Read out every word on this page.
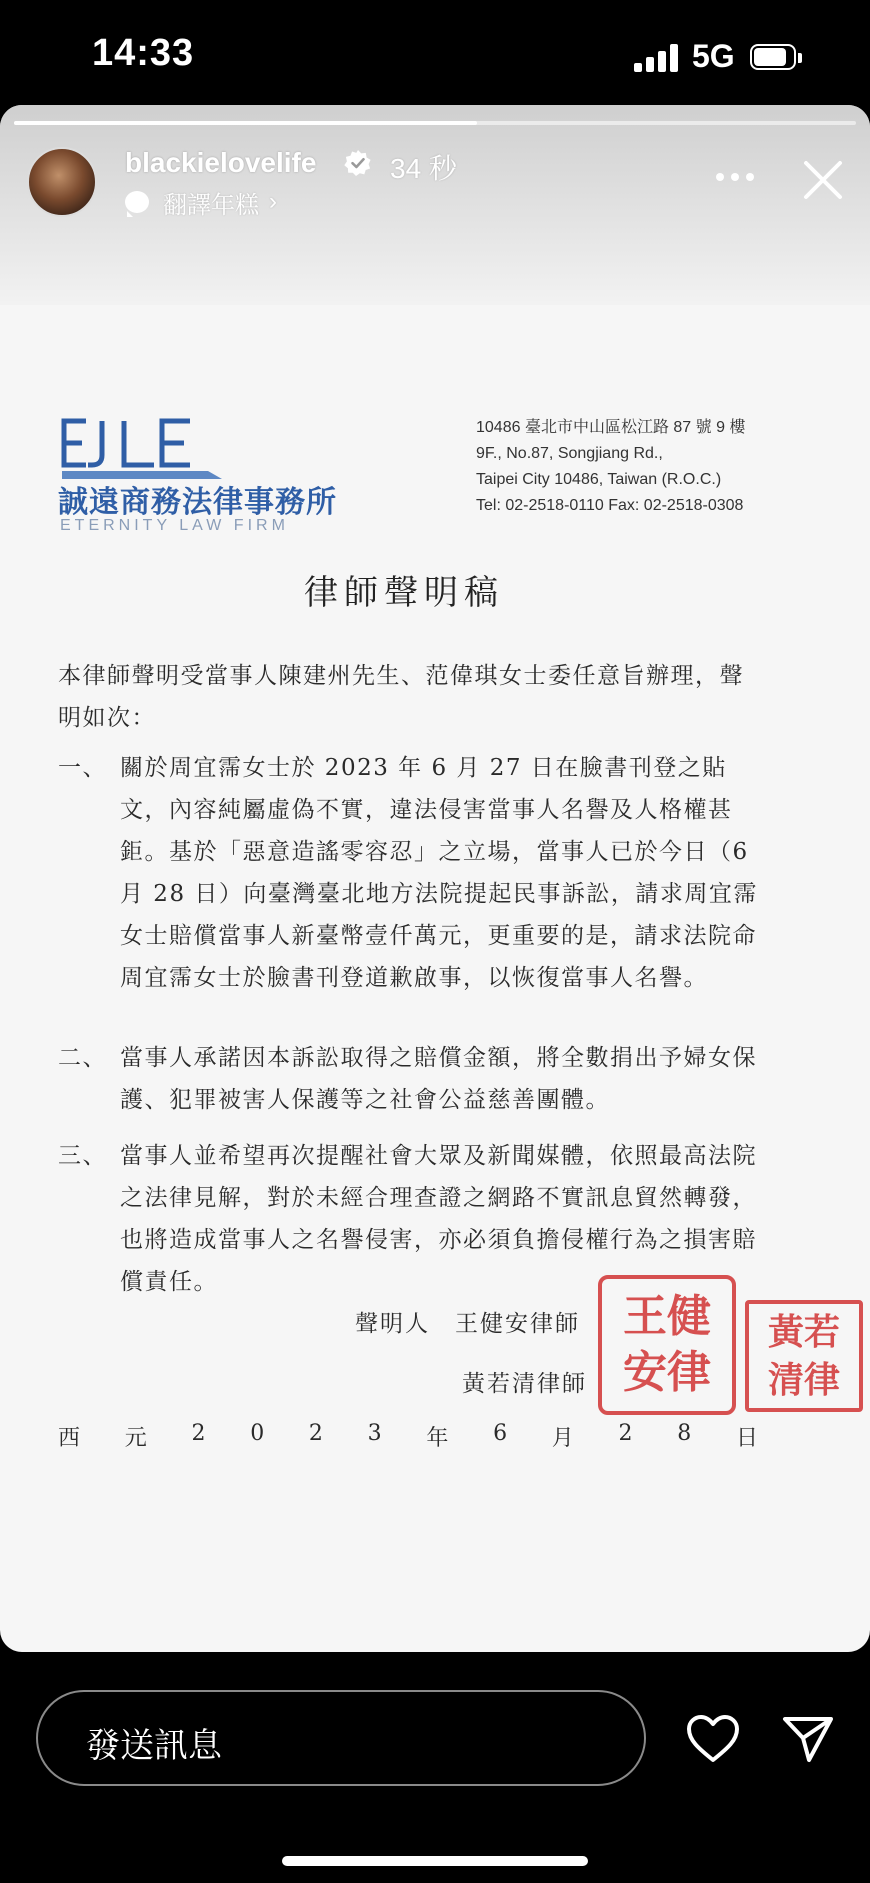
14:33	5G
blackielovelife	34 秒
翻譯年糕 ›
誠遠商務法律事務所
ETERNITY LAW FIRM
10486 臺北市中山區松江路 87 號 9 樓
9F., No.87, Songjiang Rd.,
Taipei City 10486, Taiwan (R.O.C.)
Tel: 02-2518-0110 Fax: 02-2518-0308
律師聲明稿
本律師聲明受當事人陳建州先生、范偉琪女士委任意旨辦理，聲明如次：
一、 關於周宜霈女士於 2023 年 6 月 27 日在臉書刊登之貼文，內容純屬虛偽不實，違法侵害當事人名譽及人格權甚鉅。基於「惡意造謠零容忍」之立場，當事人已於今日（6 月 28 日）向臺灣臺北地方法院提起民事訴訟，請求周宜霈女士賠償當事人新臺幣壹仟萬元，更重要的是，請求法院命周宜霈女士於臉書刊登道歉啟事，以恢復當事人名譽。
二、 當事人承諾因本訴訟取得之賠償金額，將全數捐出予婦女保護、犯罪被害人保護等之社會公益慈善團體。
三、 當事人並希望再次提醒社會大眾及新聞媒體，依照最高法院之法律見解，對於未經合理查證之網路不實訊息貿然轉發，也將造成當事人之名譽侵害，亦必須負擔侵權行為之損害賠償責任。
聲明人　王健安律師
黃若清律師
西 元 2 0 2 3 年 6 月 2 8 日
王健
安律
黃若
清律
發送訊息
